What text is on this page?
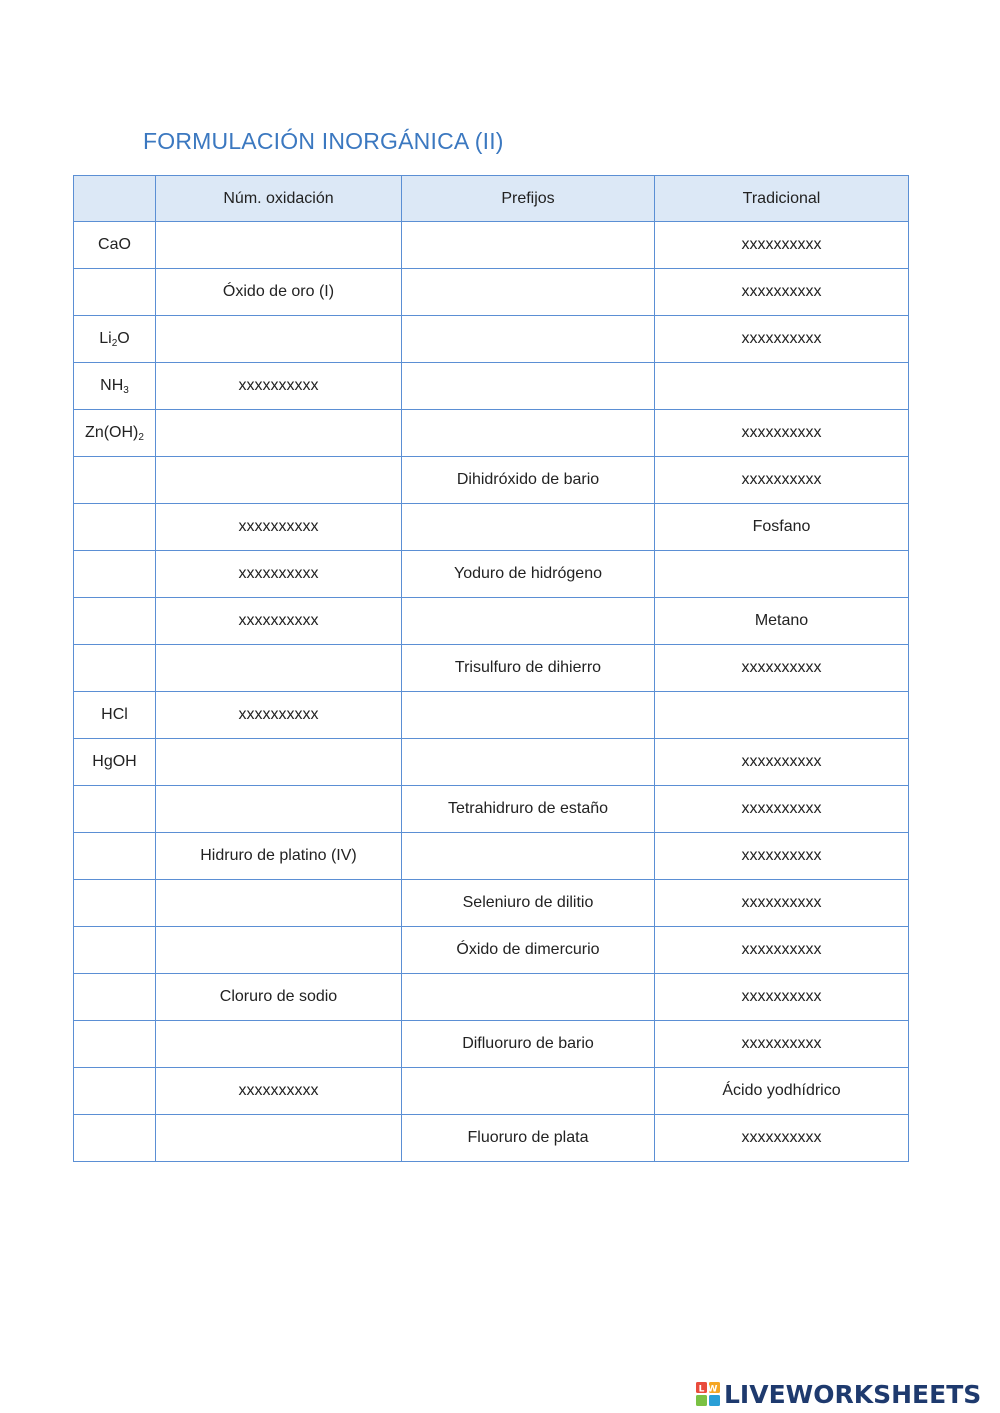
FORMULACIÓN INORGÁNICA (II)
	Núm. oxidación	Prefijos	Tradicional
CaO			xxxxxxxxxx
	Óxido de oro (I)		xxxxxxxxxx
$Li_2O$			xxxxxxxxxx
$NH_3$	xxxxxxxxxx		
$Zn(OH)_2$			xxxxxxxxxx
		Dihidróxido de bario	xxxxxxxxxx
	xxxxxxxxxx		Fosfano
	xxxxxxxxxx	Yoduro de hidrógeno	
	xxxxxxxxxx		Metano
		Trisulfuro de dihierro	xxxxxxxxxx
HCl	xxxxxxxxxx		
HgOH			xxxxxxxxxx
		Tetrahidruro de estaño	xxxxxxxxxx
	Hidruro de platino (IV)		xxxxxxxxxx
		Seleniuro de dilitio	xxxxxxxxxx
		Óxido de dimercurio	xxxxxxxxxx
	Cloruro de sodio		xxxxxxxxxx
		Difluoruro de bario	xxxxxxxxxx
	xxxxxxxxxx		Ácido yodhídrico
		Fluoruro de plata	xxxxxxxxxx
L W LIVEWORKSHEETS
